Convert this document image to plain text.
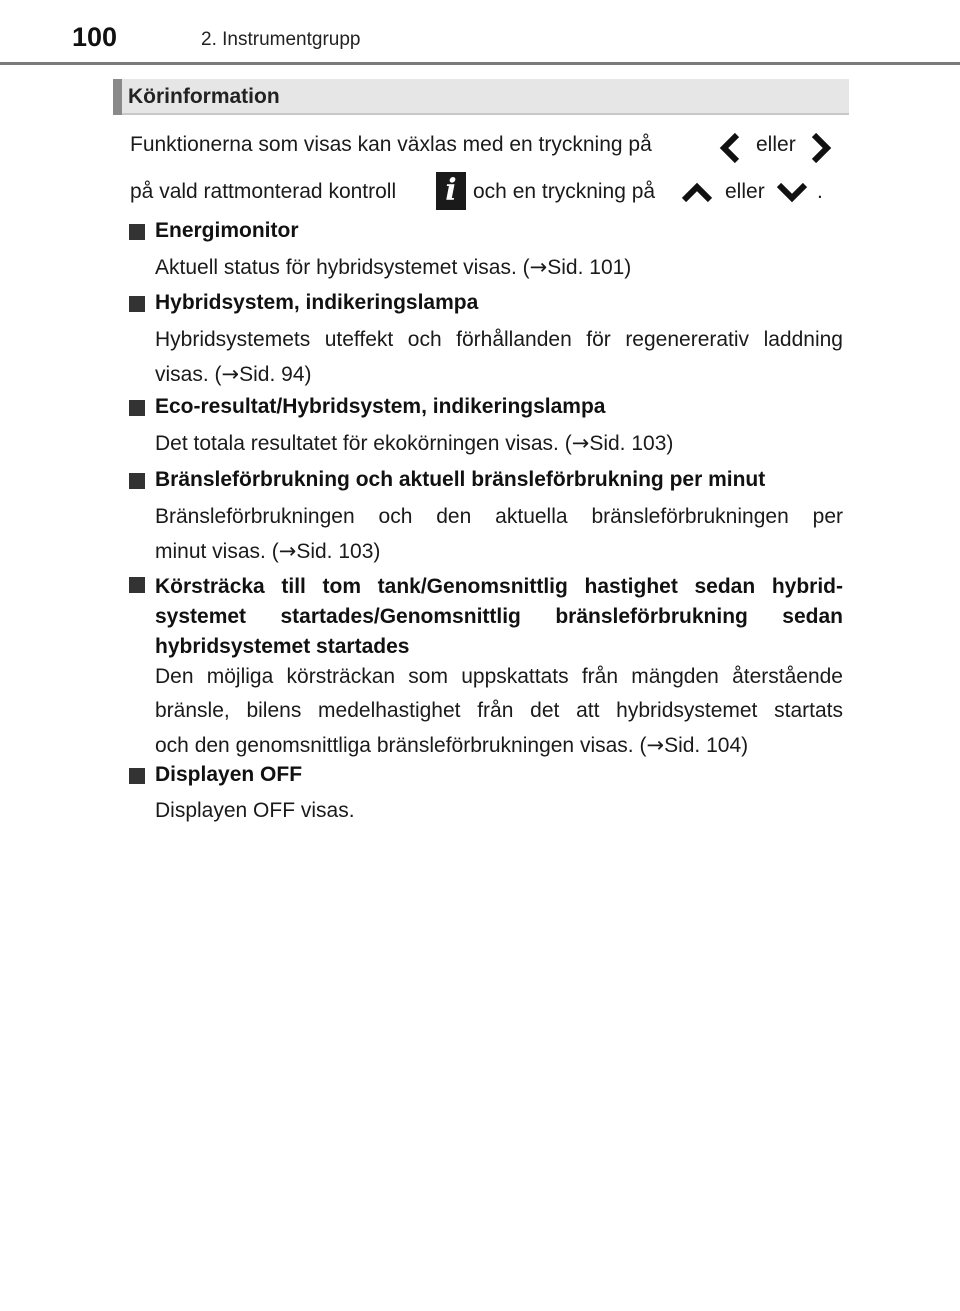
100	2. Instrumentgrupp
Körinformation
Funktionerna som visas kan växlas med en tryckning på	eller
på vald rattmonterad kontroll	i och en tryckning på	eller .
Energimonitor
Aktuell status för hybridsystemet visas. (→Sid. 101)
Hybridsystem, indikeringslampa
Hybridsystemets uteffekt och förhållanden för regenererativ laddning
visas. (→Sid. 94)
Eco-resultat/Hybridsystem, indikeringslampa
Det totala resultatet för ekokörningen visas. (→Sid. 103)
Bränsleförbrukning och aktuell bränsleförbrukning per minut
Bränsleförbrukningen och den aktuella bränsleförbrukningen per
minut visas. (→Sid. 103)
Körsträcka till tom tank/Genomsnittlig hastighet sedan hybrid-
systemet startades/Genomsnittlig bränsleförbrukning sedan
hybridsystemet startades
Den möjliga körsträckan som uppskattats från mängden återstående
bränsle, bilens medelhastighet från det att hybridsystemet startats
och den genomsnittliga bränsleförbrukningen visas. (→Sid. 104)
Displayen OFF
Displayen OFF visas.
